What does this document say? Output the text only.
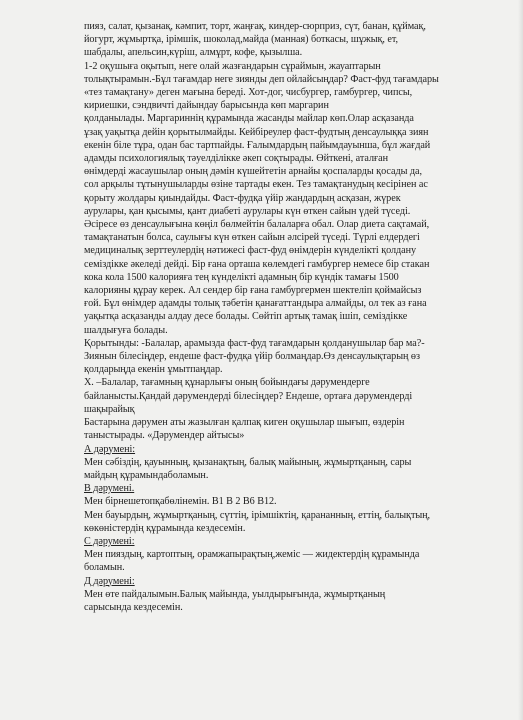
пияз, салат, қызанақ, кәмпит, торт, жаңғақ, киндер-сюрприз, сүт, банан, құймақ,
йогурт, жұмыртқа, ірімшік, шоколад,майда (манная) боткасы, шұжық, ет,
шабдалы, апельсин,күріш, алмұрт, кофе, қызылша.
1-2 оқушыға оқытып, неге олай жазғандарын сұраймын, жауаптарын
толықтырамын.-Бұл тағамдар неге зиянды деп ойлайсыңдар? Фаст-фуд тағамдары
«тез тамақтану» деген мағына береді. Хот-дог, чисбургер, гамбургер, чипсы,
кириешки, сэндвичті дайындау барысында көп маргарин
қолданылады. Маргариннің құрамында жасанды майлар көп.Олар асқазанда
ұзақ уақытқа дейін қорытылмайды. Кейбіреулер фаст-фудтың денсаулыққа зиян
екенін біле тұра, одан бас тартпайды. Ғалымдардың пайымдауынша, бұл жағдай
адамды психологиялық тәуелділікке әкеп соқтырады. Өйткені, аталған
өнімдерді жасаушылар оның дәмін күшейтетін арнайы қоспаларды қосады да,
сол арқылы тұтынушыларды өзіне тартады екен. Тез тамақтанудың кесірінен ас
қорыту жолдары қиындайды. Фаст-фудқа үйір жандардың асқазан, жүрек
аурулары, қан қысымы, қант диабеті аурулары күн өткен сайын үдей түседі.
Әсіресе өз денсаулығына көңіл бөлмейтін балаларға обал. Олар диета сақтамай,
тамақтанатын болса, саулығы күн өткен сайын әлсірей түседі. Түрлі елдердегі
медициналық зерттеулердің нәтижесі фаст-фуд өнімдерін күнделікті қолдану
семіздікке әкеледі дейді. Бір ғана орташа көлемдегі гамбургер немесе бір стакан
кока кола 1500 калорияға тең күнделікті адамның бір күндік тамағы 1500
калорияны құрау керек. Ал сендер бір ғана гамбургермен шектеліп қоймайсыз
ғой. Бұл өнімдер адамды толық тәбетін қанағаттандыра алмайды, ол тек аз ғана
уақытқа асқазанды алдау десе болады. Сөйтіп артық тамақ ішіп, семіздікке
шалдығуға болады.
Қорытынды: -Балалар, арамызда фаст-фуд тағамдарын қолданушылар бар ма?-
Зиянын білесіңдер, ендеше фаст-фудқа үйір болмаңдар.Өз денсаулықтарың өз
қолдарыңда екенін ұмытпаңдар.
Х. –Балалар, тағамның құнарлығы оның бойындағы дәрумендерге
байланысты.Қандай дәрумендерді білесіңдер? Ендеше, ортаға дәрумендерді
шақырайық
Бастарына дәрумен аты жазылған қалпақ киген оқушылар шығып, өздерін
таныстырады. «Дәрумендер айтысы»
А дәрумені:
Мен сәбіздің, қауынның, қызанақтың, балық майының, жұмыртқаның, сары
майдың құрамындаболамын.
В дәрумені.
Мен бірнешетопқабөлінемін. В1 В 2 В6 В12.
Мен бауырдың, жұмыртқаның, сүттің, ірімшіктің, қарананның, еттің, балықтың,
көкөністердің құрамында кездесемін.
С дәрумені:
Мен пияздың, картоптың, орамжапырақтың,жеміс — жидектердің құрамында
боламын.
Д дәрумені:
Мен өте пайдалымын.Балық майында, уылдырығында, жұмыртқаның
сарысында кездесемін.
